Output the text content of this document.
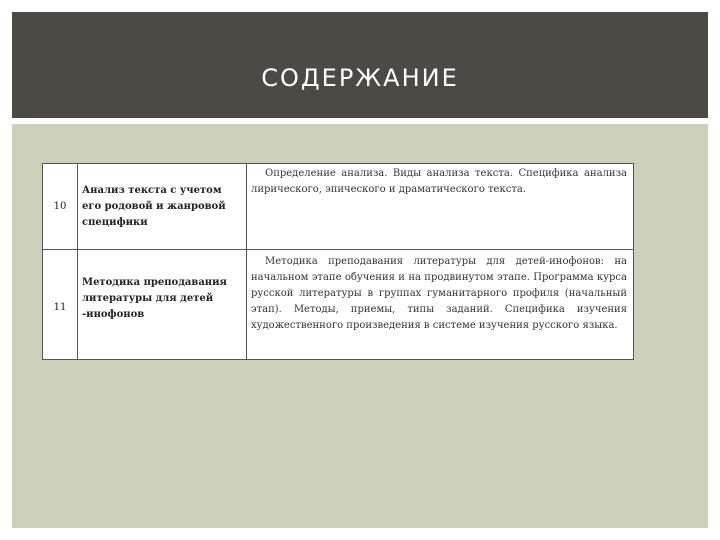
СОДЕРЖАНИЕ
10
Анализ текста с учетом его родовой и жанровой специфики
Определение анализа. Виды анализа текста. Специфика анализа лирического, эпического и драматического текста.
11
Методика преподавания литературы для детей -инофонов
Методика преподавания литературы для детей-инофонов: на начальном этапе обучения и на продвинутом этапе. Программа курса русской литературы в группах гуманитарного профиля (начальный этап). Методы, приемы, типы заданий. Специфика изучения художественного произведения в системе изучения русского языка.
